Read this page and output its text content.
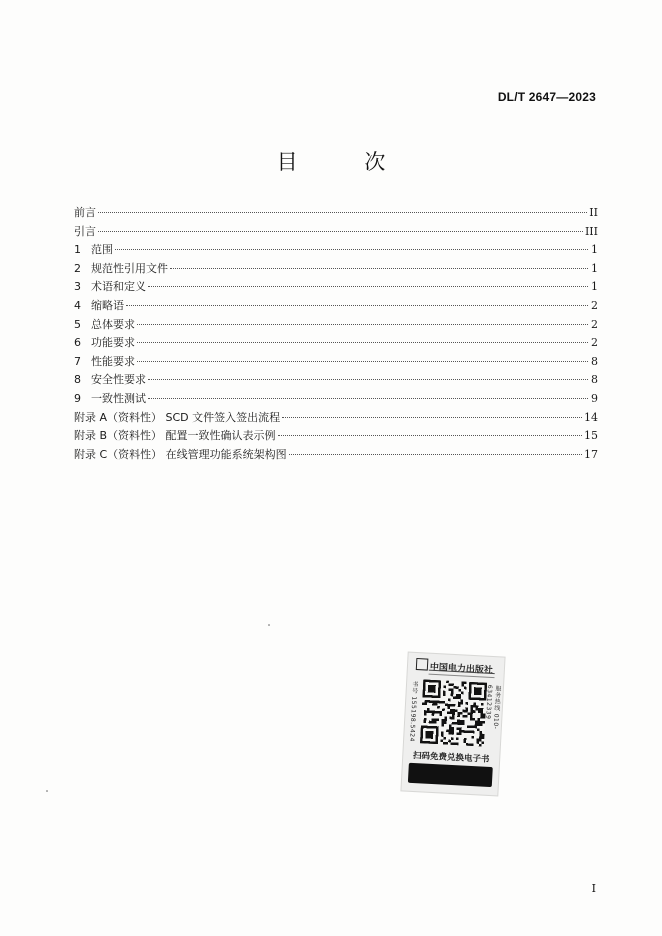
DL/T 2647—2023
目 次
前言	II
引言	III
1 范围	1
2 规范性引用文件	1
3 术语和定义	1
4 缩略语	2
5 总体要求	2
6 功能要求	2
7 性能要求	8
8 安全性要求	8
9 一致性测试	9
附录 A（资料性） SCD 文件签入签出流程	14
附录 B（资料性） 配置一致性确认表示例	15
附录 C（资料性） 在线管理功能系统架构图	17
中国电力出版社
书号 155198.5424	服务热线 010-63412339
扫码免费兑换电子书
I
